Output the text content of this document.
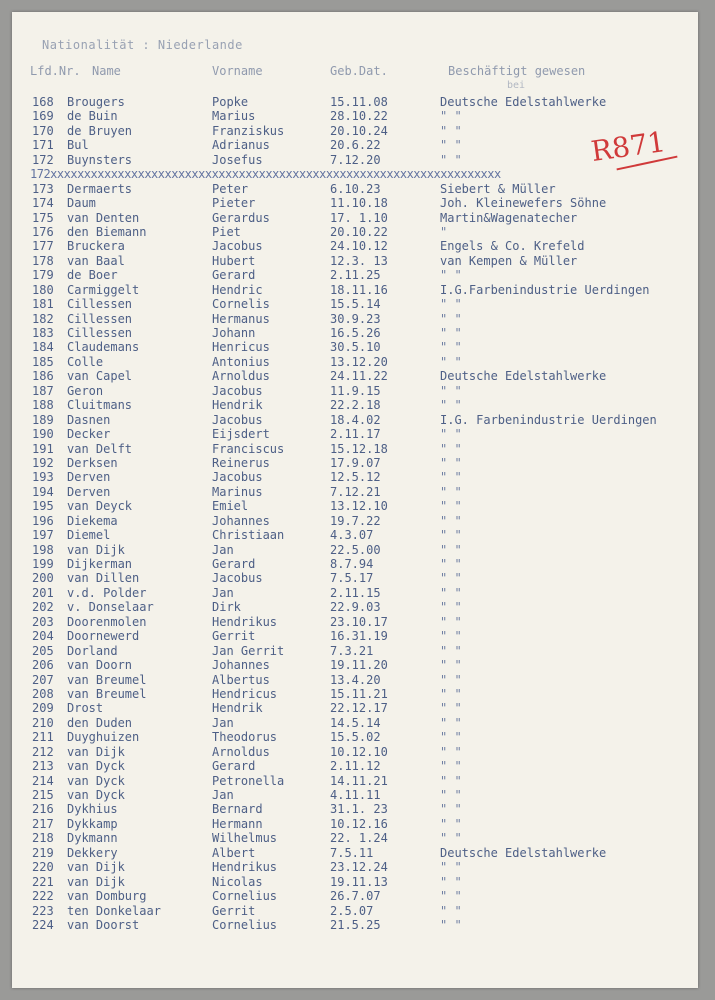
Nationalität : Niederlande
Lfd.Nr. Name	Vorname	Geb.Dat.	Beschäftigt gewesen
bei
R871
168 Brougers	Popke	15.11.08	Deutsche Edelstahlwerke
169 de Buin	Marius	28.10.22	" "
170 de Bruyen	Franziskus	20.10.24	" "
171 Bul	Adrianus	20.6.22	" "
172 Buynsters	Josefus	7.12.20	" "
172xxxxxxxxxxxxxxxxxxxxxxxxxxxxxxxxxxxxxxxxxxxxxxxxxxxxxxxxxxxxxxxxxxx
173 Dermaerts	Peter	6.10.23	Siebert & Müller
174 Daum	Pieter	11.10.18	Joh. Kleinewefers Söhne
175 van Denten	Gerardus	17. 1.10	Martin&Wagenatecher
176 den Biemann	Piet	20.10.22	"
177 Bruckera	Jacobus	24.10.12	Engels & Co. Krefeld
178 van Baal	Hubert	12.3. 13	van Kempen & Müller
179 de Boer	Gerard	2.11.25	" "
180 Carmiggelt	Hendric	18.11.16	I.G.Farbenindustrie Uerdingen
181 Cillessen	Cornelis	15.5.14	" "
182 Cillessen	Hermanus	30.9.23	" "
183 Cillessen	Johann	16.5.26	" "
184 Claudemans	Henricus	30.5.10	" "
185 Colle	Antonius	13.12.20	" "
186 van Capel	Arnoldus	24.11.22	Deutsche Edelstahlwerke
187 Geron	Jacobus	11.9.15	" "
188 Cluitmans	Hendrik	22.2.18	" "
189 Dasnen	Jacobus	18.4.02	I.G. Farbenindustrie Uerdingen
190 Decker	Eijsdert	2.11.17	" "
191 van Delft	Franciscus	15.12.18	" "
192 Derksen	Reinerus	17.9.07	" "
193 Derven	Jacobus	12.5.12	" "
194 Derven	Marinus	7.12.21	" "
195 van Deyck	Emiel	13.12.10	" "
196 Diekema	Johannes	19.7.22	" "
197 Diemel	Christiaan	4.3.07	" "
198 van Dijk	Jan	22.5.00	" "
199 Dijkerman	Gerard	8.7.94	" "
200 van Dillen	Jacobus	7.5.17	" "
201 v.d. Polder	Jan	2.11.15	" "
202 v. Donselaar	Dirk	22.9.03	" "
203 Doorenmolen	Hendrikus	23.10.17	" "
204 Doornewerd	Gerrit	16.31.19	" "
205 Dorland	Jan Gerrit	7.3.21	" "
206 van Doorn	Johannes	19.11.20	" "
207 van Breumel	Albertus	13.4.20	" "
208 van Breumel	Hendricus	15.11.21	" "
209 Drost	Hendrik	22.12.17	" "
210 den Duden	Jan	14.5.14	" "
211 Duyghuizen	Theodorus	15.5.02	" "
212 van Dijk	Arnoldus	10.12.10	" "
213 van Dyck	Gerard	2.11.12	" "
214 van Dyck	Petronella	14.11.21	" "
215 van Dyck	Jan	4.11.11	" "
216 Dykhius	Bernard	31.1. 23	" "
217 Dykkamp	Hermann	10.12.16	" "
218 Dykmann	Wilhelmus	22. 1.24	" "
219 Dekkery	Albert	7.5.11	Deutsche Edelstahlwerke
220 van Dijk	Hendrikus	23.12.24	" "
221 van Dijk	Nicolas	19.11.13	" "
222 van Domburg	Cornelius	26.7.07	" "
223 ten Donkelaar	Gerrit	2.5.07	" "
224 van Doorst	Cornelius	21.5.25	" "
